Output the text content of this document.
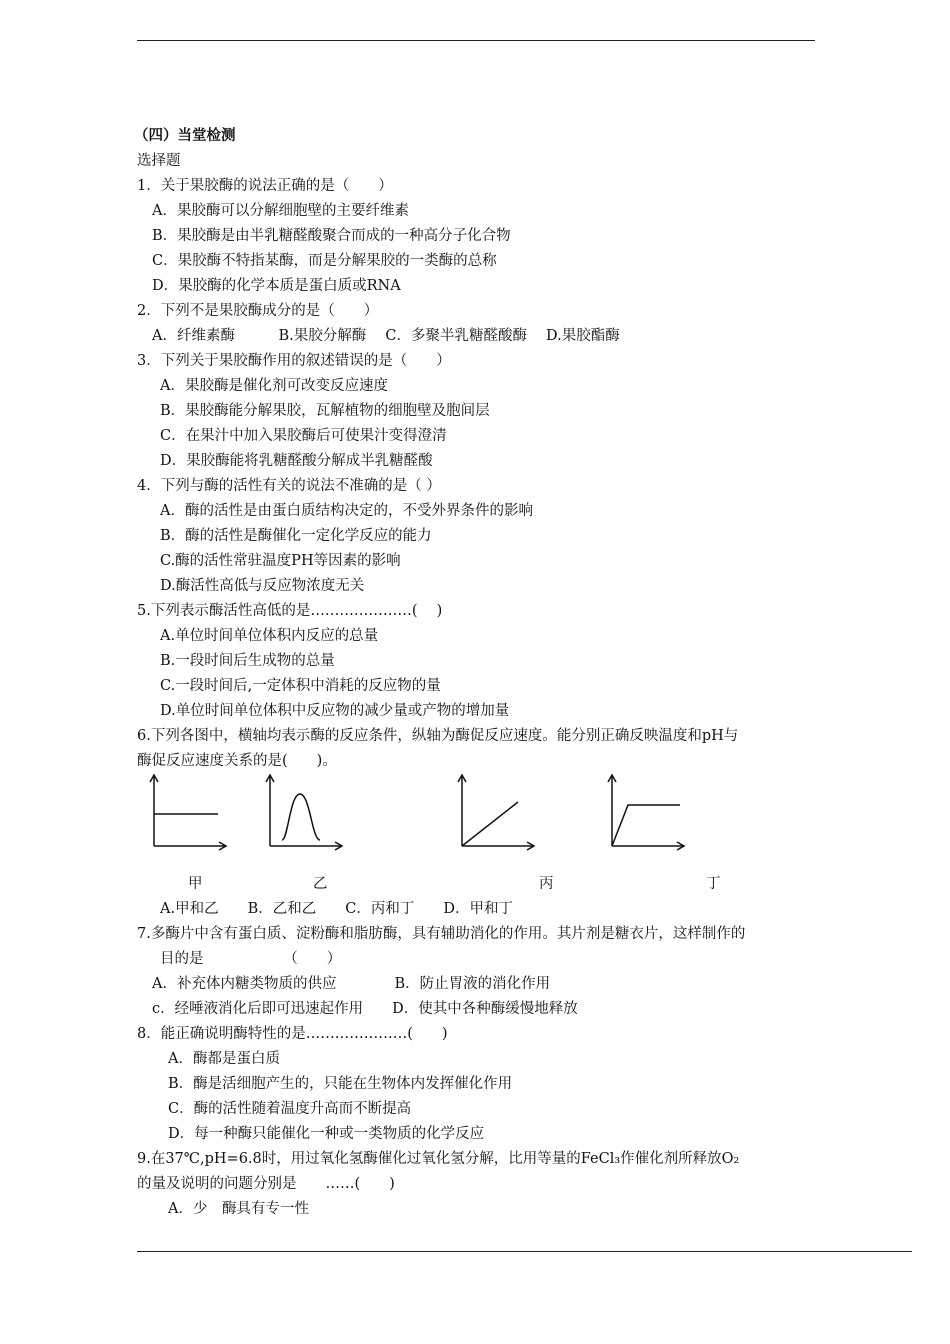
（四）当堂检测
选择题
1．关于果胶酶的说法正确的是（　　）
A．果胶酶可以分解细胞壁的主要纤维素
B．果胶酶是由半乳糖醛酸聚合而成的一种高分子化合物
C．果胶酶不特指某酶，而是分解果胶的一类酶的总称
D．果胶酶的化学本质是蛋白质或RNA
2．下列不是果胶酶成分的是（　　）
A．纤维素酶　　　B.果胶分解酶　 C．多聚半乳糖醛酸酶　 D.果胶酯酶
3．下列关于果胶酶作用的叙述错误的是（　　）
A．果胶酶是催化剂可改变反应速度
B．果胶酶能分解果胶，瓦解植物的细胞壁及胞间层
C．在果汁中加入果胶酶后可使果汁变得澄清
D．果胶酶能将乳糖醛酸分解成半乳糖醛酸
4．下列与酶的活性有关的说法不准确的是（ ）
A．酶的活性是由蛋白质结构决定的，不受外界条件的影响
B．酶的活性是酶催化一定化学反应的能力
C.酶的活性常驻温度PH等因素的影响
D.酶活性高低与反应物浓度无关
5.下列表示酶活性高低的是…………………(　 )
A.单位时间单位体积内反应的总量
B.一段时间后生成物的总量
C.一段时间后,一定体积中消耗的反应物的量
D.单位时间单位体积中反应物的减少量或产物的增加量
6.下列各图中，横轴均表示酶的反应条件，纵轴为酶促反应速度。能分别正确反映温度和pH与
酶促反应速度关系的是(　　)。
甲	乙	丙	丁
A.甲和乙　　B．乙和乙　　C．丙和丁　　D．甲和丁
7.多酶片中含有蛋白质、淀粉酶和脂肪酶，具有辅助消化的作用。其片剂是糖衣片，这样制作的
目的是　　　　　　（　　）
A．补充体内糖类物质的供应　　　　B．防止胃液的消化作用
c．经唾液消化后即可迅速起作用　　D．使其中各种酶缓慢地释放
8．能正确说明酶特性的是…………………(　　)
A．酶都是蛋白质
B．酶是活细胞产生的，只能在生物体内发挥催化作用
C．酶的活性随着温度升高而不断提高
D．每一种酶只能催化一种或一类物质的化学反应
9.在37℃,pH=6.8时，用过氧化氢酶催化过氧化氢分解，比用等量的FeCl₃作催化剂所释放O₂
的量及说明的问题分别是　　……(　　)
A．少　酶具有专一性
